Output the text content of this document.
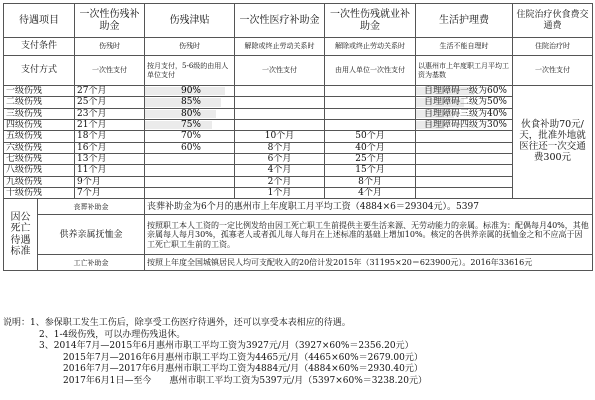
待遇项目		一次性伤残补助金	伤残津贴	一次性医疗补助金	一次性伤残就业补助金	生活护理费	住院治疗伙食费交通费
支付条件		伤残时	伤残时	解除或终止劳动关系时	解除或终止劳动关系时	生活不能自理时	住院治疗时
支付方式		一次性支付	按月支付，5-6级的由用人单位支付	一次性支付	由用人单位一次性支付	以惠州市上年度职工月平均工资为基数	一次性支付
一级伤残		27个月	90%			自理障碍一级为60%	伙食补助70元/天，批准外地就医往还一次交通费300元
二级伤残		25个月	85%			自理障碍二级为50%	
三级伤残		23个月	80%			自理障碍三级为40%	
四级伤残		21个月	75%			自理障碍四级为30%	
五级伤残		18个月	70%	10个月	50个月		
六级伤残		16个月	60%	8个月	40个月		
七级伤残		13个月		6个月	25个月		
八级伤残		11个月		4个月	15个月		
九级伤残		9个月		2个月	8个月		
十级伤残		7个月		1个月	4个月		
因公死亡待遇标准	丧葬补助金		丧葬补助金为6个月的惠州市上年度职工月平均工资（4884×6＝29304元）。5397				
	供养亲属抚恤金		按照职工本人工资的一定比例发给由因工死亡职工生前提供主要生活来源、无劳动能力的亲属。标准为：配偶每月40%，其他亲属每人每月30%，孤寡老人或者孤儿每人每月在上述标准的基础上增加10%。核定的各供养亲属的抚恤金之和不应高于因工死亡职工生前的工资。				
	工亡补助金		按照上年度全国城镇居民人均可支配收入的20倍计发2015年（31195×20＝623900元）。2016年33616元				
说明：1、参保职工发生工伤后，除享受工伤医疗待遇外，还可以享受本表相应的待遇。
2、1-4级伤残，可以办理伤残退休。
3、2014年7月—2015年6月惠州市职工平均工资为3927元/月（3927×60%＝2356.20元）
2015年7月—2016年6月惠州市职工平均工资为4465元/月（4465×60%＝2679.00元）
2016年7月—2017年6月惠州市职工平均工资为4884元/月（4884×60%＝2930.40元）
2017年6月1日—至今　　惠州市职工平均工资为5397元/月（5397×60%＝3238.20元）
